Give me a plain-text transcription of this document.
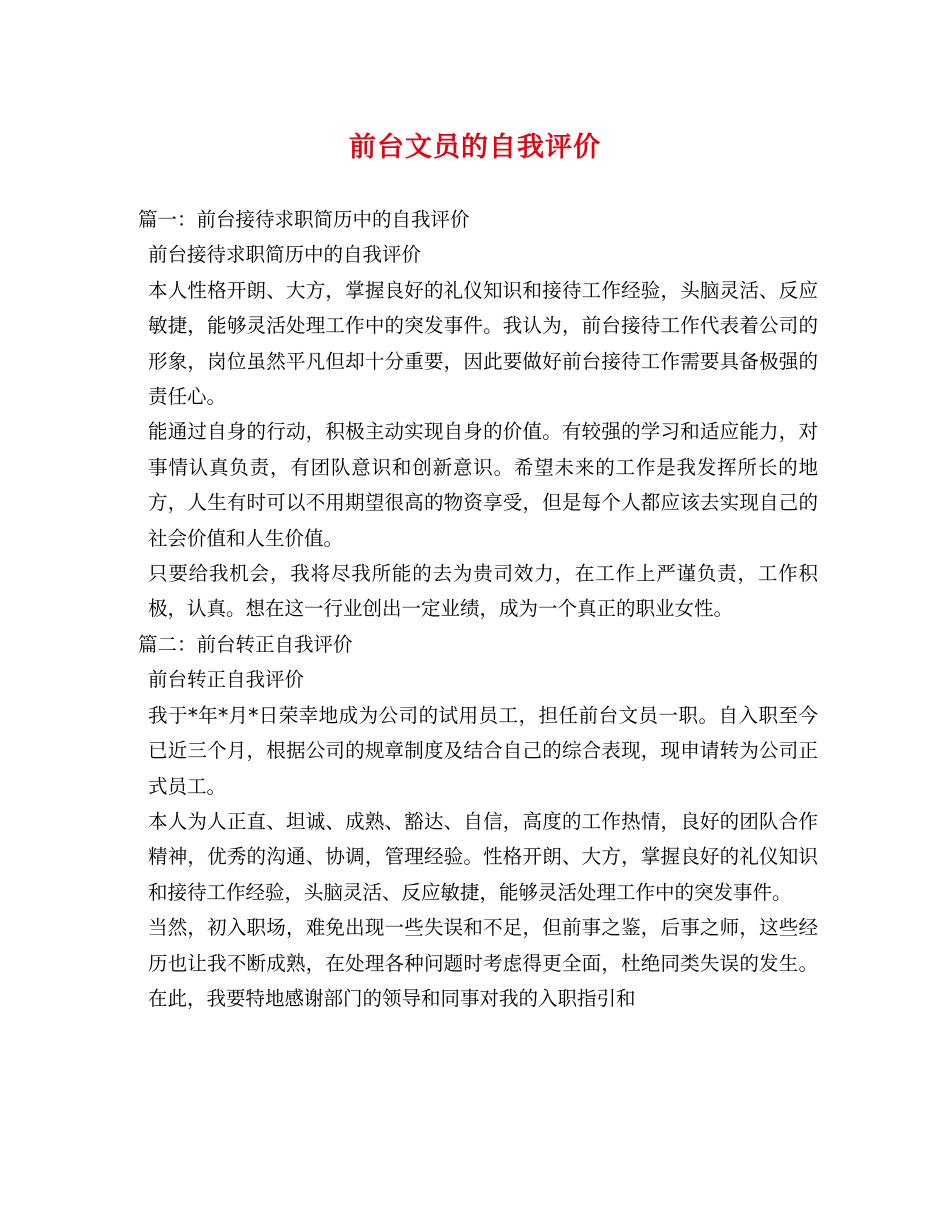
前台文员的自我评价

篇一：前台接待求职简历中的自我评价

前台接待求职简历中的自我评价

本人性格开朗、大方，掌握良好的礼仪知识和接待工作经验，头脑灵活、反应敏捷，能够灵活处理工作中的突发事件。我认为，前台接待工作代表着公司的形象，岗位虽然平凡但却十分重要，因此要做好前台接待工作需要具备极强的责任心。

能通过自身的行动，积极主动实现自身的价值。有较强的学习和适应能力，对事情认真负责，有团队意识和创新意识。希望未来的工作是我发挥所长的地方，人生有时可以不用期望很高的物资享受，但是每个人都应该去实现自己的社会价值和人生价值。

只要给我机会，我将尽我所能的去为贵司效力，在工作上严谨负责，工作积极，认真。想在这一行业创出一定业绩，成为一个真正的职业女性。

篇二：前台转正自我评价

前台转正自我评价

我于*年*月*日荣幸地成为公司的试用员工，担任前台文员一职。自入职至今已近三个月，根据公司的规章制度及结合自己的综合表现，现申请转为公司正式员工。

本人为人正直、坦诚、成熟、豁达、自信，高度的工作热情，良好的团队合作精神，优秀的沟通、协调，管理经验。性格开朗、大方，掌握良好的礼仪知识和接待工作经验，头脑灵活、反应敏捷，能够灵活处理工作中的突发事件。

当然，初入职场，难免出现一些失误和不足，但前事之鉴，后事之师，这些经历也让我不断成熟，在处理各种问题时考虑得更全面，杜绝同类失误的发生。在此，我要特地感谢部门的领导和同事对我的入职指引和
